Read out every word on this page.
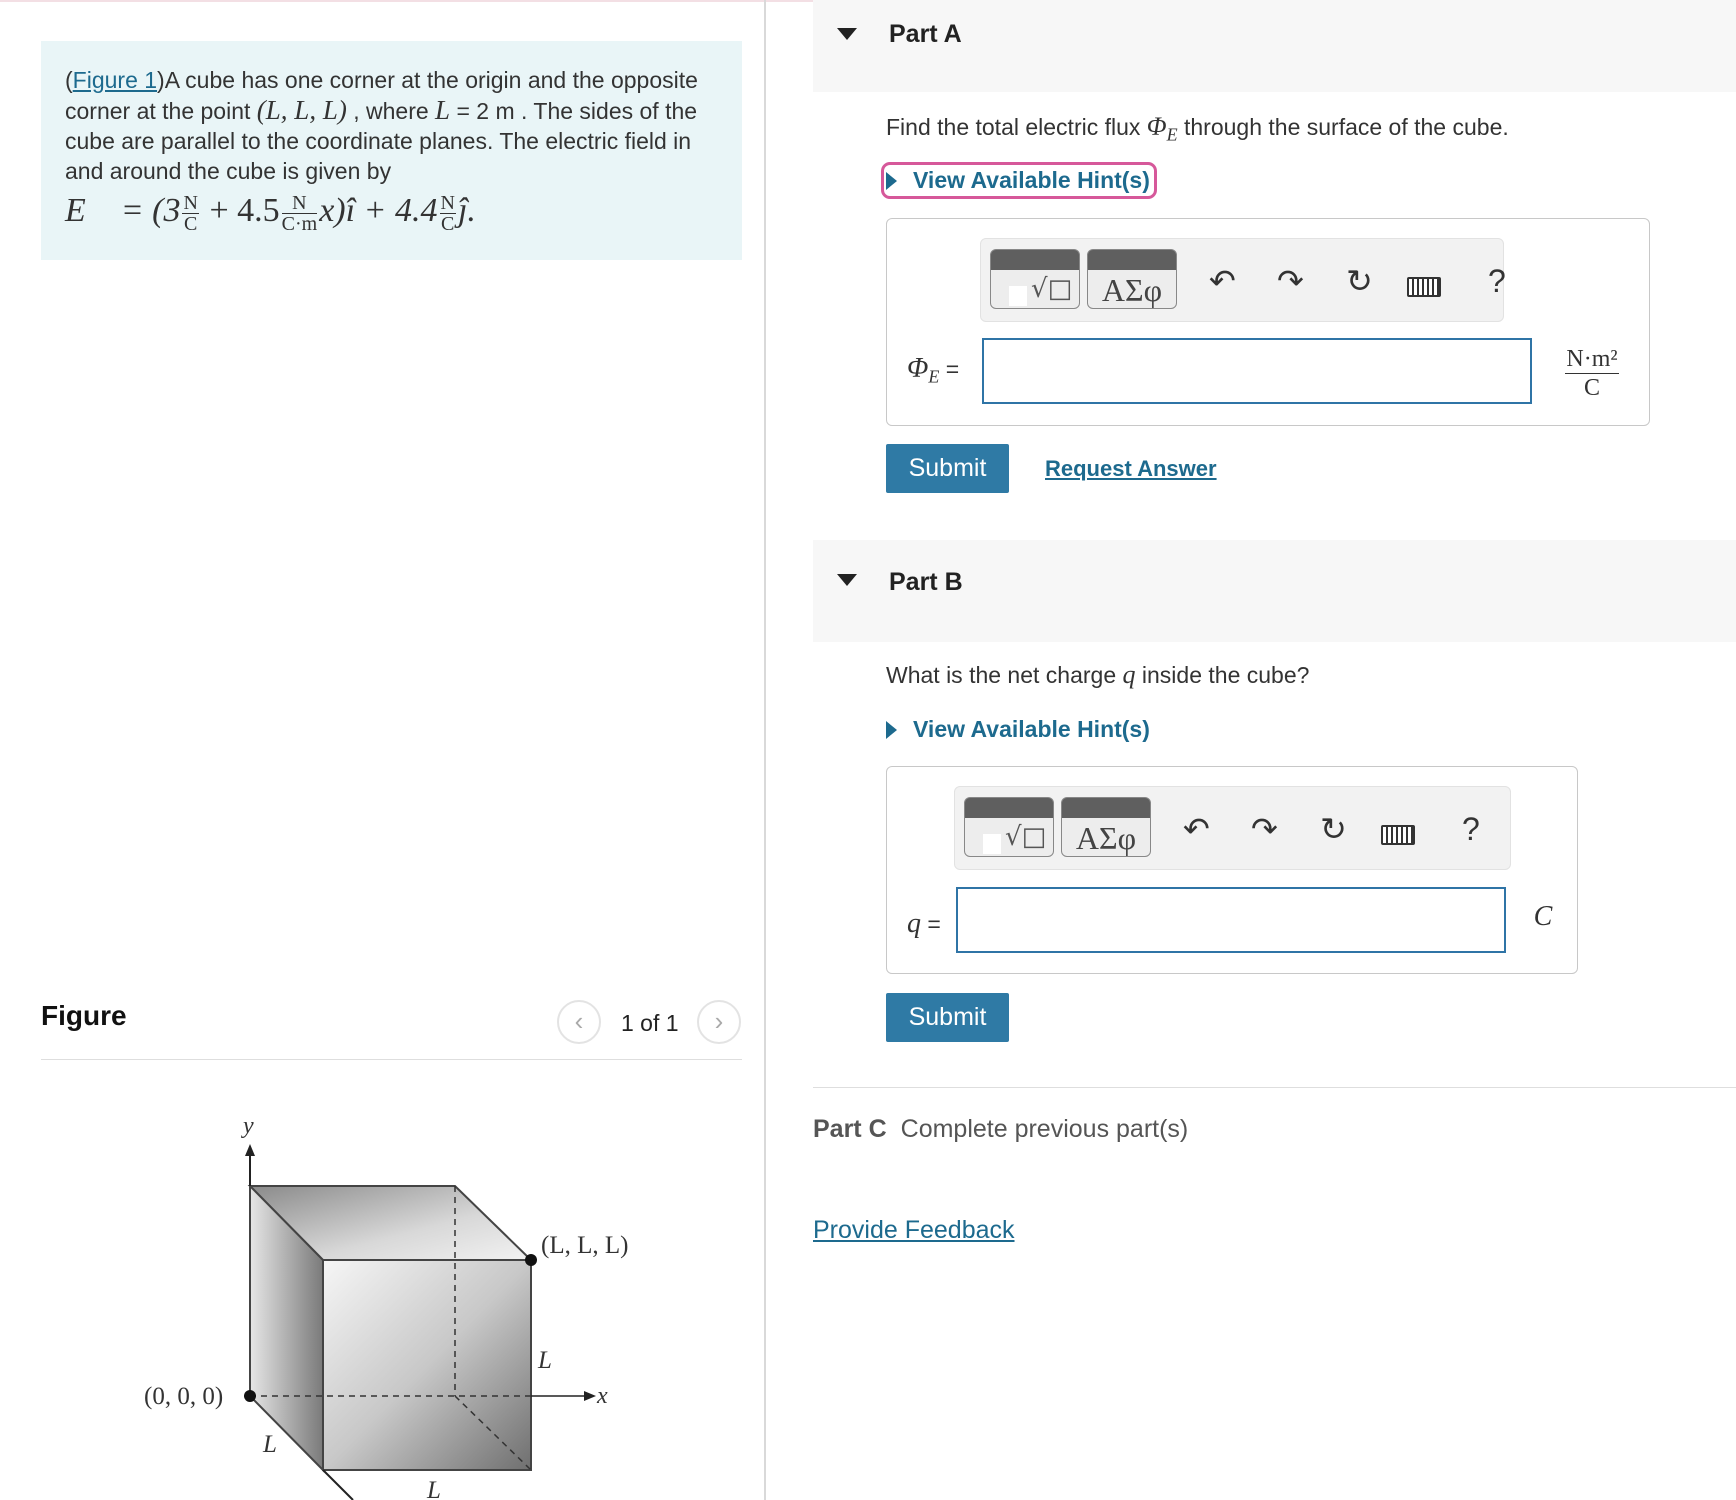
(Figure 1)A cube has one corner at the origin and the opposite corner at the point (L, L, L) , where L = 2 m . The sides of the cube are parallel to the coordinate planes. The electric field in and around the cube is given by
E⃗ = ($3 \frac{N}{C} + 4.5 \frac{N}{C\cdot m}$ x)î + $4.4 \frac{N}{C}$ ĵ.
Figure	‹	1 of 1	›
y
x
(L, L, L)
(0, 0, 0)
L
L
L
Part A
Find the total electric flux $\Phi_E$ through the surface of the cube.
View Available Hint(s)
√□ ΑΣφ	↶ ↷ ↻	?
$\Phi_E$ =	$\frac{\text{N·m²}}{C}$
Submit	Request Answer
Part B
What is the net charge q inside the cube?
View Available Hint(s)
√□ ΑΣφ	↶ ↷ ↻	?
q =	C
Submit
Part C Complete previous part(s)
Provide Feedback
